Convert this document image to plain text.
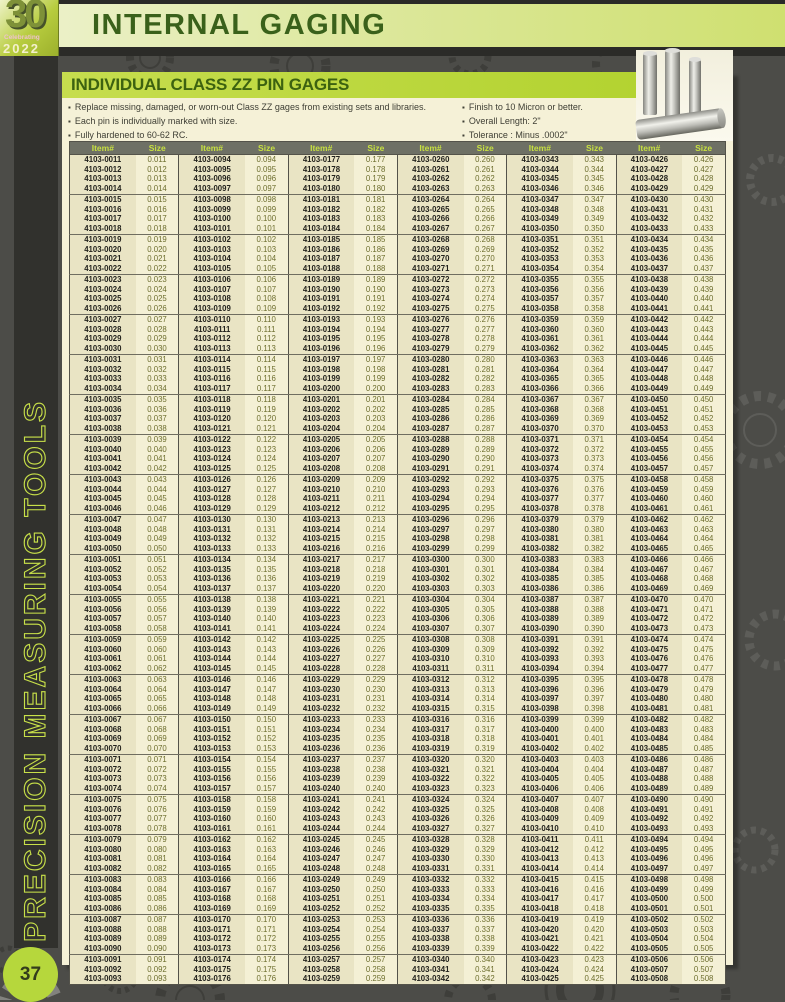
INTERNAL GAGING
30
Celebrating
2022
PRECISION MEASURING TOOLS
INDIVIDUAL CLASS ZZ PIN GAGES
▪ Replace missing, damaged, or worn-out Class ZZ gages from existing sets and libraries.
▪ Each pin is individually marked with size.
▪ Fully hardened to 60-62 RC.
▪ Finish to 10 Micron or better.
▪ Overall Length: 2"
▪ Tolerance : Minus .0002"
Item#	Size	Item#	Size	Item#	Size	Item#	Size	Item#	Size	Item#	Size
4103-0011	0.011	4103-0094	0.094	4103-0177	0.177	4103-0260	0.260	4103-0343	0.343	4103-0426	0.426
4103-0012	0.012	4103-0095	0.095	4103-0178	0.178	4103-0261	0.261	4103-0344	0.344	4103-0427	0.427
4103-0013	0.013	4103-0096	0.096	4103-0179	0.179	4103-0262	0.262	4103-0345	0.345	4103-0428	0.428
4103-0014	0.014	4103-0097	0.097	4103-0180	0.180	4103-0263	0.263	4103-0346	0.346	4103-0429	0.429
4103-0015	0.015	4103-0098	0.098	4103-0181	0.181	4103-0264	0.264	4103-0347	0.347	4103-0430	0.430
4103-0016	0.016	4103-0099	0.099	4103-0182	0.182	4103-0265	0.265	4103-0348	0.348	4103-0431	0.431
4103-0017	0.017	4103-0100	0.100	4103-0183	0.183	4103-0266	0.266	4103-0349	0.349	4103-0432	0.432
4103-0018	0.018	4103-0101	0.101	4103-0184	0.184	4103-0267	0.267	4103-0350	0.350	4103-0433	0.433
4103-0019	0.019	4103-0102	0.102	4103-0185	0.185	4103-0268	0.268	4103-0351	0.351	4103-0434	0.434
4103-0020	0.020	4103-0103	0.103	4103-0186	0.186	4103-0269	0.269	4103-0352	0.352	4103-0435	0.435
4103-0021	0.021	4103-0104	0.104	4103-0187	0.187	4103-0270	0.270	4103-0353	0.353	4103-0436	0.436
4103-0022	0.022	4103-0105	0.105	4103-0188	0.188	4103-0271	0.271	4103-0354	0.354	4103-0437	0.437
4103-0023	0.023	4103-0106	0.106	4103-0189	0.189	4103-0272	0.272	4103-0355	0.355	4103-0438	0.438
4103-0024	0.024	4103-0107	0.107	4103-0190	0.190	4103-0273	0.273	4103-0356	0.356	4103-0439	0.439
4103-0025	0.025	4103-0108	0.108	4103-0191	0.191	4103-0274	0.274	4103-0357	0.357	4103-0440	0.440
4103-0026	0.026	4103-0109	0.109	4103-0192	0.192	4103-0275	0.275	4103-0358	0.358	4103-0441	0.441
4103-0027	0.027	4103-0110	0.110	4103-0193	0.193	4103-0276	0.276	4103-0359	0.359	4103-0442	0.442
4103-0028	0.028	4103-0111	0.111	4103-0194	0.194	4103-0277	0.277	4103-0360	0.360	4103-0443	0.443
4103-0029	0.029	4103-0112	0.112	4103-0195	0.195	4103-0278	0.278	4103-0361	0.361	4103-0444	0.444
4103-0030	0.030	4103-0113	0.113	4103-0196	0.196	4103-0279	0.279	4103-0362	0.362	4103-0445	0.445
4103-0031	0.031	4103-0114	0.114	4103-0197	0.197	4103-0280	0.280	4103-0363	0.363	4103-0446	0.446
4103-0032	0.032	4103-0115	0.115	4103-0198	0.198	4103-0281	0.281	4103-0364	0.364	4103-0447	0.447
4103-0033	0.033	4103-0116	0.116	4103-0199	0.199	4103-0282	0.282	4103-0365	0.365	4103-0448	0.448
4103-0034	0.034	4103-0117	0.117	4103-0200	0.200	4103-0283	0.283	4103-0366	0.366	4103-0449	0.449
4103-0035	0.035	4103-0118	0.118	4103-0201	0.201	4103-0284	0.284	4103-0367	0.367	4103-0450	0.450
4103-0036	0.036	4103-0119	0.119	4103-0202	0.202	4103-0285	0.285	4103-0368	0.368	4103-0451	0.451
4103-0037	0.037	4103-0120	0.120	4103-0203	0.203	4103-0286	0.286	4103-0369	0.369	4103-0452	0.452
4103-0038	0.038	4103-0121	0.121	4103-0204	0.204	4103-0287	0.287	4103-0370	0.370	4103-0453	0.453
4103-0039	0.039	4103-0122	0.122	4103-0205	0.205	4103-0288	0.288	4103-0371	0.371	4103-0454	0.454
4103-0040	0.040	4103-0123	0.123	4103-0206	0.206	4103-0289	0.289	4103-0372	0.372	4103-0455	0.455
4103-0041	0.041	4103-0124	0.124	4103-0207	0.207	4103-0290	0.290	4103-0373	0.373	4103-0456	0.456
4103-0042	0.042	4103-0125	0.125	4103-0208	0.208	4103-0291	0.291	4103-0374	0.374	4103-0457	0.457
4103-0043	0.043	4103-0126	0.126	4103-0209	0.209	4103-0292	0.292	4103-0375	0.375	4103-0458	0.458
4103-0044	0.044	4103-0127	0.127	4103-0210	0.210	4103-0293	0.293	4103-0376	0.376	4103-0459	0.459
4103-0045	0.045	4103-0128	0.128	4103-0211	0.211	4103-0294	0.294	4103-0377	0.377	4103-0460	0.460
4103-0046	0.046	4103-0129	0.129	4103-0212	0.212	4103-0295	0.295	4103-0378	0.378	4103-0461	0.461
4103-0047	0.047	4103-0130	0.130	4103-0213	0.213	4103-0296	0.296	4103-0379	0.379	4103-0462	0.462
4103-0048	0.048	4103-0131	0.131	4103-0214	0.214	4103-0297	0.297	4103-0380	0.380	4103-0463	0.463
4103-0049	0.049	4103-0132	0.132	4103-0215	0.215	4103-0298	0.298	4103-0381	0.381	4103-0464	0.464
4103-0050	0.050	4103-0133	0.133	4103-0216	0.216	4103-0299	0.299	4103-0382	0.382	4103-0465	0.465
4103-0051	0.051	4103-0134	0.134	4103-0217	0.217	4103-0300	0.300	4103-0383	0.383	4103-0466	0.466
4103-0052	0.052	4103-0135	0.135	4103-0218	0.218	4103-0301	0.301	4103-0384	0.384	4103-0467	0.467
4103-0053	0.053	4103-0136	0.136	4103-0219	0.219	4103-0302	0.302	4103-0385	0.385	4103-0468	0.468
4103-0054	0.054	4103-0137	0.137	4103-0220	0.220	4103-0303	0.303	4103-0386	0.386	4103-0469	0.469
4103-0055	0.055	4103-0138	0.138	4103-0221	0.221	4103-0304	0.304	4103-0387	0.387	4103-0470	0.470
4103-0056	0.056	4103-0139	0.139	4103-0222	0.222	4103-0305	0.305	4103-0388	0.388	4103-0471	0.471
4103-0057	0.057	4103-0140	0.140	4103-0223	0.223	4103-0306	0.306	4103-0389	0.389	4103-0472	0.472
4103-0058	0.058	4103-0141	0.141	4103-0224	0.224	4103-0307	0.307	4103-0390	0.390	4103-0473	0.473
4103-0059	0.059	4103-0142	0.142	4103-0225	0.225	4103-0308	0.308	4103-0391	0.391	4103-0474	0.474
4103-0060	0.060	4103-0143	0.143	4103-0226	0.226	4103-0309	0.309	4103-0392	0.392	4103-0475	0.475
4103-0061	0.061	4103-0144	0.144	4103-0227	0.227	4103-0310	0.310	4103-0393	0.393	4103-0476	0.476
4103-0062	0.062	4103-0145	0.145	4103-0228	0.228	4103-0311	0.311	4103-0394	0.394	4103-0477	0.477
4103-0063	0.063	4103-0146	0.146	4103-0229	0.229	4103-0312	0.312	4103-0395	0.395	4103-0478	0.478
4103-0064	0.064	4103-0147	0.147	4103-0230	0.230	4103-0313	0.313	4103-0396	0.396	4103-0479	0.479
4103-0065	0.065	4103-0148	0.148	4103-0231	0.231	4103-0314	0.314	4103-0397	0.397	4103-0480	0.480
4103-0066	0.066	4103-0149	0.149	4103-0232	0.232	4103-0315	0.315	4103-0398	0.398	4103-0481	0.481
4103-0067	0.067	4103-0150	0.150	4103-0233	0.233	4103-0316	0.316	4103-0399	0.399	4103-0482	0.482
4103-0068	0.068	4103-0151	0.151	4103-0234	0.234	4103-0317	0.317	4103-0400	0.400	4103-0483	0.483
4103-0069	0.069	4103-0152	0.152	4103-0235	0.235	4103-0318	0.318	4103-0401	0.401	4103-0484	0.484
4103-0070	0.070	4103-0153	0.153	4103-0236	0.236	4103-0319	0.319	4103-0402	0.402	4103-0485	0.485
4103-0071	0.071	4103-0154	0.154	4103-0237	0.237	4103-0320	0.320	4103-0403	0.403	4103-0486	0.486
4103-0072	0.072	4103-0155	0.155	4103-0238	0.238	4103-0321	0.321	4103-0404	0.404	4103-0487	0.487
4103-0073	0.073	4103-0156	0.156	4103-0239	0.239	4103-0322	0.322	4103-0405	0.405	4103-0488	0.488
4103-0074	0.074	4103-0157	0.157	4103-0240	0.240	4103-0323	0.323	4103-0406	0.406	4103-0489	0.489
4103-0075	0.075	4103-0158	0.158	4103-0241	0.241	4103-0324	0.324	4103-0407	0.407	4103-0490	0.490
4103-0076	0.076	4103-0159	0.159	4103-0242	0.242	4103-0325	0.325	4103-0408	0.408	4103-0491	0.491
4103-0077	0.077	4103-0160	0.160	4103-0243	0.243	4103-0326	0.326	4103-0409	0.409	4103-0492	0.492
4103-0078	0.078	4103-0161	0.161	4103-0244	0.244	4103-0327	0.327	4103-0410	0.410	4103-0493	0.493
4103-0079	0.079	4103-0162	0.162	4103-0245	0.245	4103-0328	0.328	4103-0411	0.411	4103-0494	0.494
4103-0080	0.080	4103-0163	0.163	4103-0246	0.246	4103-0329	0.329	4103-0412	0.412	4103-0495	0.495
4103-0081	0.081	4103-0164	0.164	4103-0247	0.247	4103-0330	0.330	4103-0413	0.413	4103-0496	0.496
4103-0082	0.082	4103-0165	0.165	4103-0248	0.248	4103-0331	0.331	4103-0414	0.414	4103-0497	0.497
4103-0083	0.083	4103-0166	0.166	4103-0249	0.249	4103-0332	0.332	4103-0415	0.415	4103-0498	0.498
4103-0084	0.084	4103-0167	0.167	4103-0250	0.250	4103-0333	0.333	4103-0416	0.416	4103-0499	0.499
4103-0085	0.085	4103-0168	0.168	4103-0251	0.251	4103-0334	0.334	4103-0417	0.417	4103-0500	0.500
4103-0086	0.086	4103-0169	0.169	4103-0252	0.252	4103-0335	0.335	4103-0418	0.418	4103-0501	0.501
4103-0087	0.087	4103-0170	0.170	4103-0253	0.253	4103-0336	0.336	4103-0419	0.419	4103-0502	0.502
4103-0088	0.088	4103-0171	0.171	4103-0254	0.254	4103-0337	0.337	4103-0420	0.420	4103-0503	0.503
4103-0089	0.089	4103-0172	0.172	4103-0255	0.255	4103-0338	0.338	4103-0421	0.421	4103-0504	0.504
4103-0090	0.090	4103-0173	0.173	4103-0256	0.256	4103-0339	0.339	4103-0422	0.422	4103-0505	0.505
4103-0091	0.091	4103-0174	0.174	4103-0257	0.257	4103-0340	0.340	4103-0423	0.423	4103-0506	0.506
4103-0092	0.092	4103-0175	0.175	4103-0258	0.258	4103-0341	0.341	4103-0424	0.424	4103-0507	0.507
4103-0093	0.093	4103-0176	0.176	4103-0259	0.259	4103-0342	0.342	4103-0425	0.425	4103-0508	0.508
37
